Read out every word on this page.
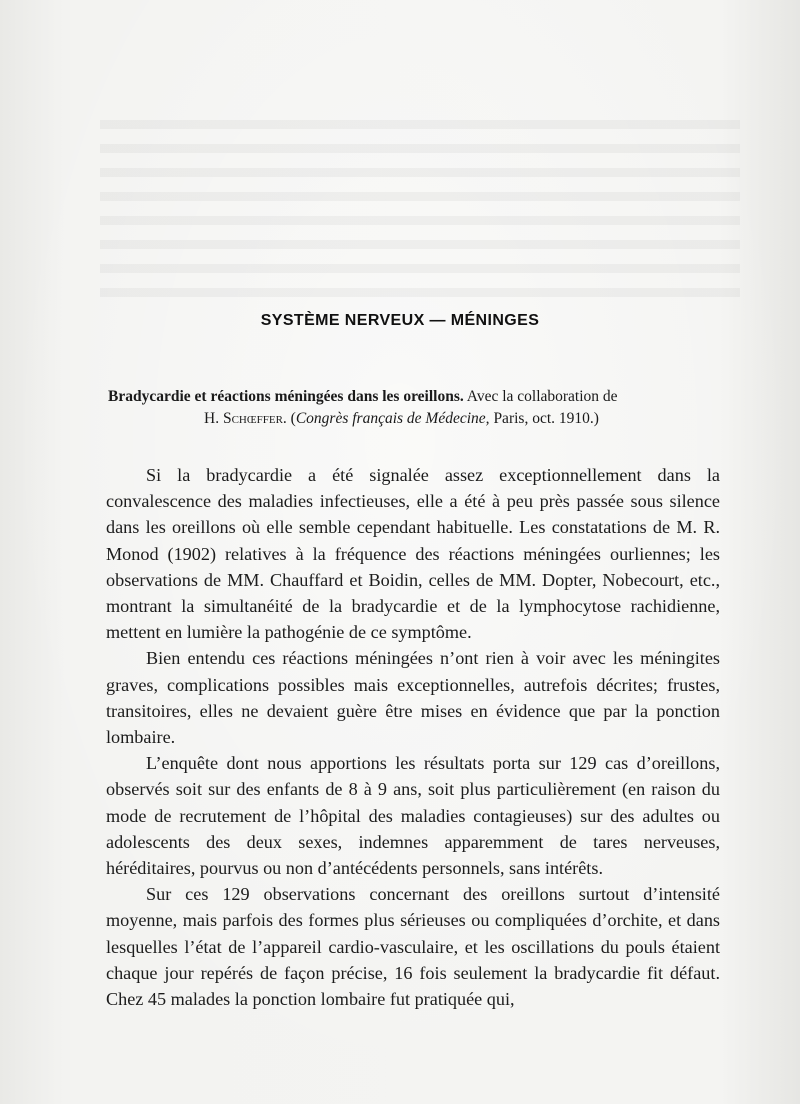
SYSTÈME NERVEUX — MÉNINGES
Bradycardie et réactions méningées dans les oreillons. Avec la collaboration de
H. Schœffer. (Congrès français de Médecine, Paris, oct. 1910.)

Si la bradycardie a été signalée assez exceptionnellement dans la convalescence des maladies infectieuses, elle a été à peu près passée sous silence dans les oreillons où elle semble cependant habituelle. Les constatations de M. R. Monod (1902) relatives à la fréquence des réactions méningées ourliennes; les observations de MM. Chauffard et Boidin, celles de MM. Dopter, Nobecourt, etc., montrant la simultanéité de la bradycardie et de la lymphocytose rachidienne, mettent en lumière la pathogénie de ce symptôme.

Bien entendu ces réactions méningées n’ont rien à voir avec les méningites graves, complications possibles mais exceptionnelles, autrefois décrites; frustes, transitoires, elles ne devaient guère être mises en évidence que par la ponction lombaire.

L’enquête dont nous apportions les résultats porta sur 129 cas d’oreillons, observés soit sur des enfants de 8 à 9 ans, soit plus particulièrement (en raison du mode de recrutement de l’hôpital des maladies contagieuses) sur des adultes ou adolescents des deux sexes, indemnes apparemment de tares nerveuses, héréditaires, pourvus ou non d’antécédents personnels, sans intérêts.

Sur ces 129 observations concernant des oreillons surtout d’intensité moyenne, mais parfois des formes plus sérieuses ou compliquées d’orchite, et dans lesquelles l’état de l’appareil cardio-vasculaire, et les oscillations du pouls étaient chaque jour repérés de façon précise, 16 fois seulement la bradycardie fit défaut. Chez 45 malades la ponction lombaire fut pratiquée qui,
